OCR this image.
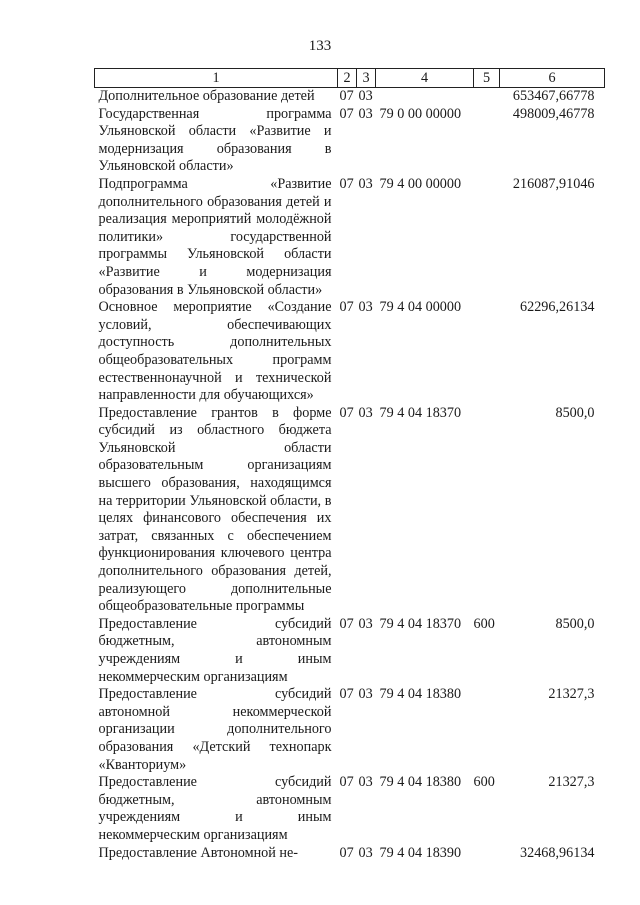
133
1	2	3	4	5	6
Дополнительное образование детей	07	03			653467,66778
Государственная программа Ульяновской области «Развитие и модернизация образования в Ульяновской области»	07	03	79 0 00 00000		498009,46778
Подпрограмма «Развитие дополнительного образования детей и реализация мероприятий молодёжной политики» государственной программы Ульяновской области «Развитие и модернизация образования в Ульяновской области»	07	03	79 4 00 00000		216087,91046
Основное мероприятие «Создание условий, обеспечивающих доступность дополнительных общеобразовательных программ естественнонаучной и технической направленности для обучающихся»	07	03	79 4 04 00000		62296,26134
Предоставление грантов в форме субсидий из областного бюджета Ульяновской области образовательным организациям высшего образования, находящимся на территории Ульяновской области, в целях финансового обеспечения их затрат, связанных с обеспечением функционирования ключевого центра дополнительного образования детей, реализующего дополнительные общеобразовательные программы	07	03	79 4 04 18370		8500,0
Предоставление субсидий бюджетным, автономным учреждениям и иным некоммерческим организациям	07	03	79 4 04 18370	600	8500,0
Предоставление субсидий автономной некоммерческой организации дополнительного образования «Детский технопарк «Кванториум»	07	03	79 4 04 18380		21327,3
Предоставление субсидий бюджетным, автономным учреждениям и иным некоммерческим организациям	07	03	79 4 04 18380	600	21327,3
Предоставление Автономной не-	07	03	79 4 04 18390		32468,96134
